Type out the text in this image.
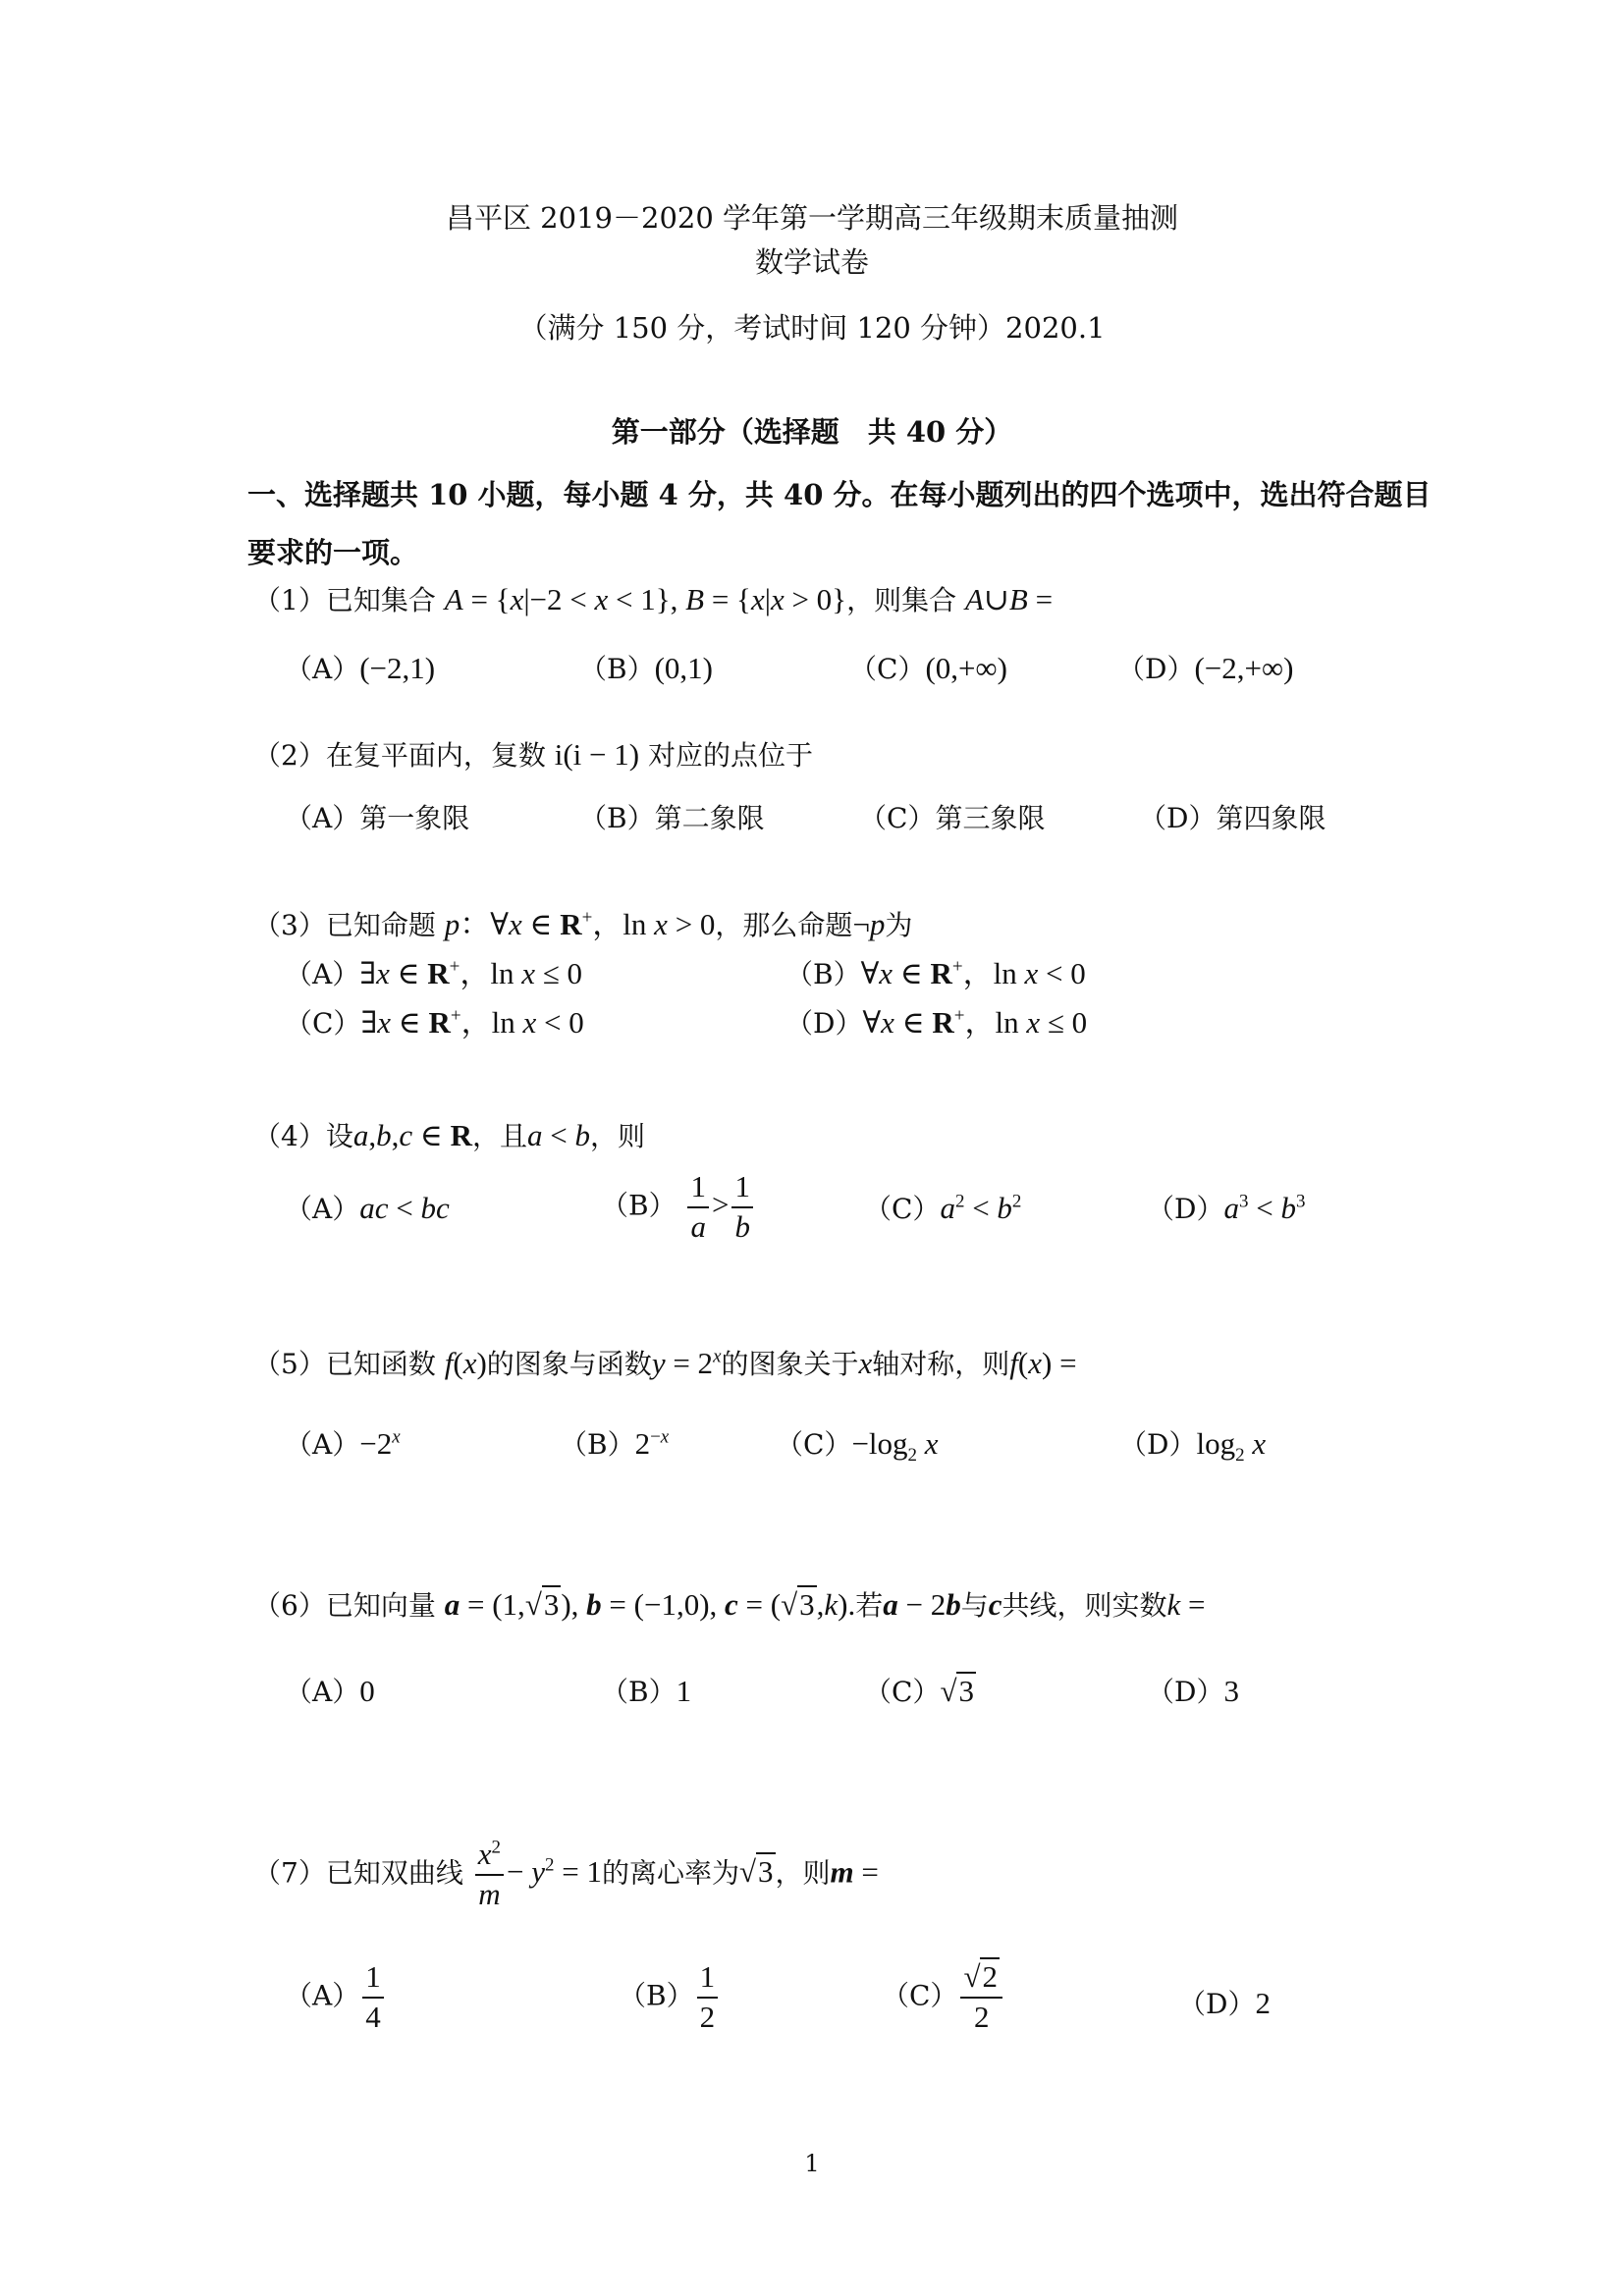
昌平区 2019－2020 学年第一学期高三年级期末质量抽测
数学试卷
（满分 150 分，考试时间 120 分钟）2020.1
第一部分（选择题　共 40 分）
一、选择题共 10 小题，每小题 4 分，共 40 分。在每小题列出的四个选项中，选出符合题目
要求的一项。
（1）已知集合 A = {x|−2 < x < 1}, B = {x|x > 0}，则集合 A∪B =
（A）(−2,1)	（B）(0,1)	（C）(0,+∞)	（D）(−2,+∞)
（2）在复平面内，复数 i(i − 1) 对应的点位于
（A）第一象限	（B）第二象限	（C）第三象限	（D）第四象限
（3）已知命题 p：∀x ∈ R+，ln x > 0，那么命题¬p为
（A）∃x ∈ R+，ln x ≤ 0	（B）∀x ∈ R+，ln x < 0
（C）∃x ∈ R+，ln x < 0	（D）∀x ∈ R+，ln x ≤ 0
（4）设a,b,c ∈ R，且a < b，则
（A）ac < bc	$(B) \frac{1}{a} > \frac{1}{b}$	$(C)a^2 < b^2$	$(D)a^3 < b^3$
（5）已知函数 f(x)的图象与函数$y = 2^x$的图象关于x轴对称，则f(x) =
$(A)-2^x$	$(B)2^{-x}$	$(C)-\log_2$ x	$(D)\log_2$ x
（6）已知向量 a = (1,√3), b = (−1,0), c = (√3,k).若a − 2b与c共线，则实数k =
（A）0	（B）1	（C）√3	（D）3
（7）已知双曲线 $\frac{x^2}{m} - y^2 = 1$的离心率为√3，则m =
$(A) \frac{1}{4}$	$(B) \frac{1}{2}$	$(C) \frac{√2}{2}$	（D）2
1
